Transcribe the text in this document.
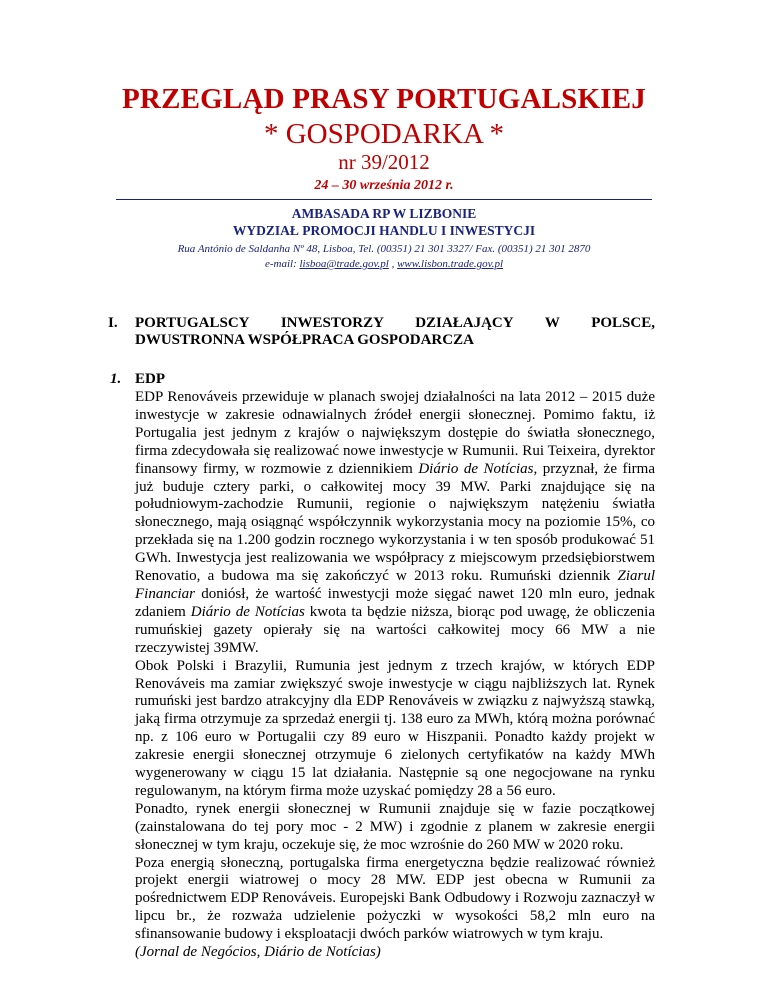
PRZEGLĄD PRASY PORTUGALSKIEJ
* GOSPODARKA *
nr 39/2012
24 – 30 września 2012 r.
AMBASADA RP W LIZBONIE
WYDZIAŁ PROMOCJI HANDLU I INWESTYCJI
Rua António de Saldanha Nº 48, Lisboa, Tel. (00351) 21 301 3327/ Fax. (00351) 21 301 2870
e-mail: lisboa@trade.gov.pl , www.lisbon.trade.gov.pl
I. PORTUGALSCY INWESTORZY DZIAŁAJĄCY W POLSCE,
DWUSTRONNA WSPÓŁPRACA GOSPODARCZA
1. EDP

EDP Renováveis przewiduje w planach swojej działalności na lata 2012 – 2015 duże inwestycje w zakresie odnawialnych źródeł energii słonecznej. Pomimo faktu, iż Portugalia jest jednym z krajów o największym dostępie do światła słonecznego, firma zdecydowała się realizować nowe inwestycje w Rumunii. Rui Teixeira, dyrektor finansowy firmy, w rozmowie z dziennikiem Diário de Notícias, przyznał, że firma już buduje cztery parki, o całkowitej mocy 39 MW. Parki znajdujące się na południowym-zachodzie Rumunii, regionie o największym natężeniu światła słonecznego, mają osiągnąć współczynnik wykorzystania mocy na poziomie 15%, co przekłada się na 1.200 godzin rocznego wykorzystania i w ten sposób produkować 51 GWh. Inwestycja jest realizowania we współpracy z miejscowym przedsiębiorstwem Renovatio, a budowa ma się zakończyć w 2013 roku. Rumuński dziennik Ziarul Financiar doniósł, że wartość inwestycji może sięgać nawet 120 mln euro, jednak zdaniem Diário de Notícias kwota ta będzie niższa, biorąc pod uwagę, że obliczenia rumuńskiej gazety opierały się na wartości całkowitej mocy 66 MW a nie rzeczywistej 39MW.

Obok Polski i Brazylii, Rumunia jest jednym z trzech krajów, w których EDP Renováveis ma zamiar zwiększyć swoje inwestycje w ciągu najbliższych lat. Rynek rumuński jest bardzo atrakcyjny dla EDP Renováveis w związku z najwyższą stawką, jaką firma otrzymuje za sprzedaż energii tj. 138 euro za MWh, którą można porównać np. z 106 euro w Portugalii czy 89 euro w Hiszpanii. Ponadto każdy projekt w zakresie energii słonecznej otrzymuje 6 zielonych certyfikatów na każdy MWh wygenerowany w ciągu 15 lat działania. Następnie są one negocjowane na rynku regulowanym, na którym firma może uzyskać pomiędzy 28 a 56 euro.

Ponadto, rynek energii słonecznej w Rumunii znajduje się w fazie początkowej (zainstalowana do tej pory moc - 2 MW) i zgodnie z planem w zakresie energii słonecznej w tym kraju, oczekuje się, że moc wzrośnie do 260 MW w 2020 roku.

Poza energią słoneczną, portugalska firma energetyczna będzie realizować również projekt energii wiatrowej o mocy 28 MW. EDP jest obecna w Rumunii za pośrednictwem EDP Renováveis. Europejski Bank Odbudowy i Rozwoju zaznaczył w lipcu br., że rozważa udzielenie pożyczki w wysokości 58,2 mln euro na sfinansowanie budowy i eksploatacji dwóch parków wiatrowych w tym kraju.

(Jornal de Negócios, Diário de Notícias)
